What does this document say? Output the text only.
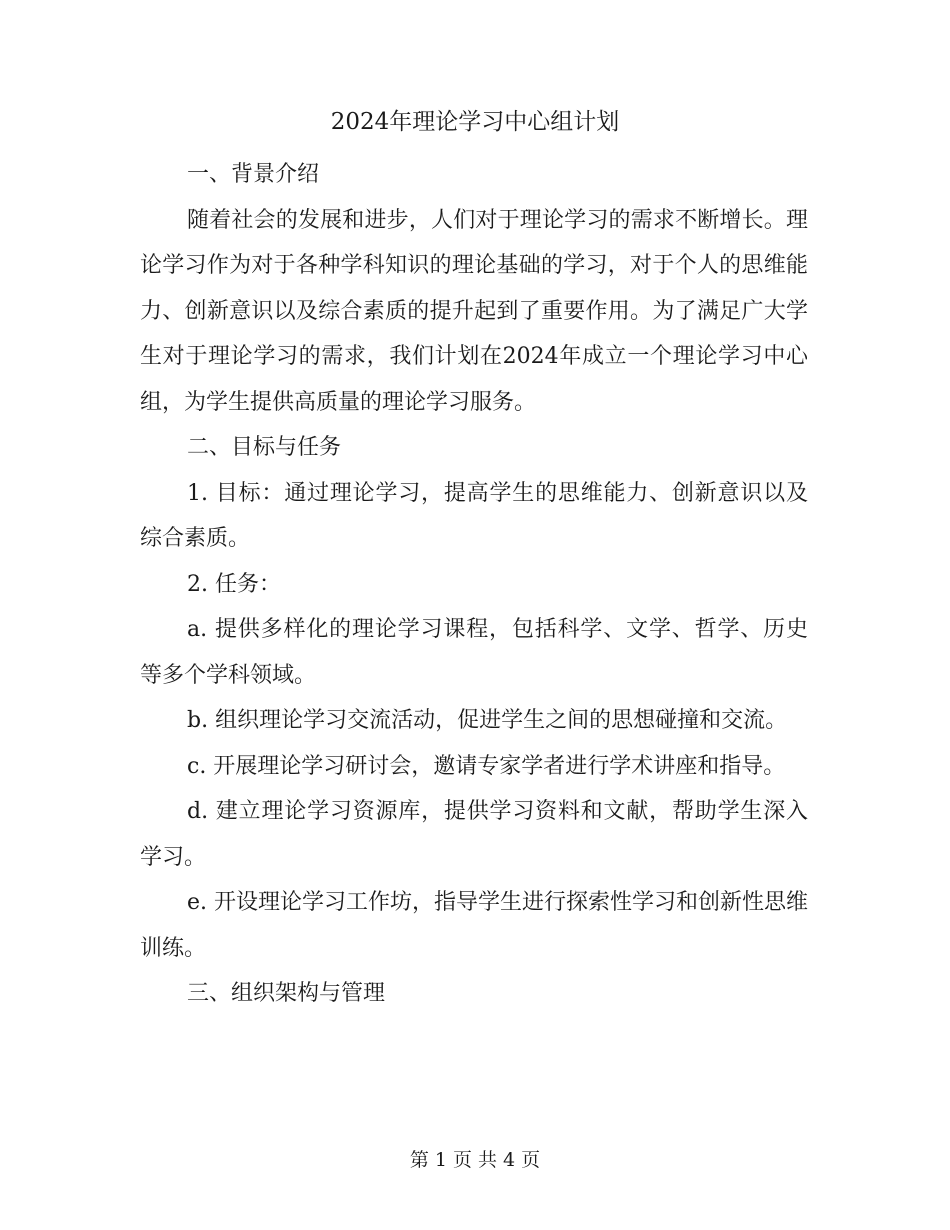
2024年理论学习中心组计划

一、背景介绍

随着社会的发展和进步，人们对于理论学习的需求不断增长。理论学习作为对于各种学科知识的理论基础的学习，对于个人的思维能力、创新意识以及综合素质的提升起到了重要作用。为了满足广大学生对于理论学习的需求，我们计划在2024年成立一个理论学习中心组，为学生提供高质量的理论学习服务。

二、目标与任务

1. 目标：通过理论学习，提高学生的思维能力、创新意识以及综合素质。

2. 任务：

a. 提供多样化的理论学习课程，包括科学、文学、哲学、历史等多个学科领域。

b. 组织理论学习交流活动，促进学生之间的思想碰撞和交流。

c. 开展理论学习研讨会，邀请专家学者进行学术讲座和指导。

d. 建立理论学习资源库，提供学习资料和文献，帮助学生深入学习。

e. 开设理论学习工作坊，指导学生进行探索性学习和创新性思维训练。

三、组织架构与管理

第 1 页 共 4 页
